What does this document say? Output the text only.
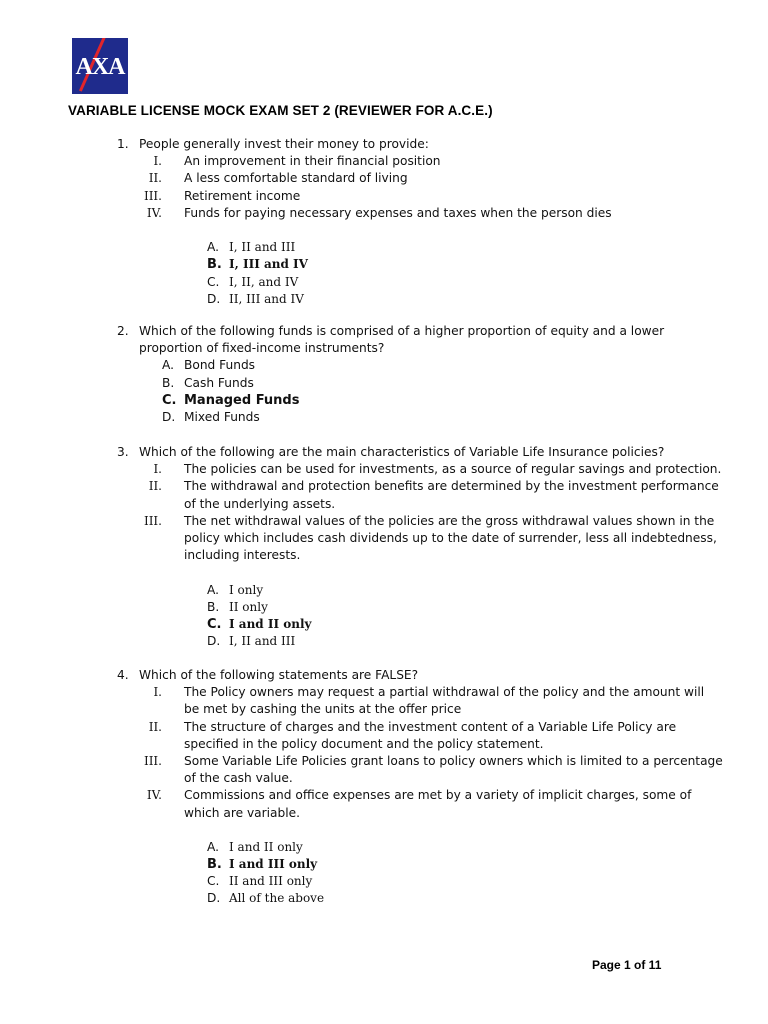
AXA
VARIABLE LICENSE MOCK EXAM SET 2 (REVIEWER FOR A.C.E.)
1. People generally invest their money to provide:
I. An improvement in their financial position
II. A less comfortable standard of living
III. Retirement income
IV. Funds for paying necessary expenses and taxes when the person dies
A. I, II and III
B. I, III and IV
C. I, II, and IV
D. II, III and IV
2. Which of the following funds is comprised of a higher proportion of equity and a lower
proportion of fixed-income instruments?
A. Bond Funds
B. Cash Funds
C. Managed Funds
D. Mixed Funds
3. Which of the following are the main characteristics of Variable Life Insurance policies?
I. The policies can be used for investments, as a source of regular savings and protection.
II. The withdrawal and protection benefits are determined by the investment performance
of the underlying assets.
III. The net withdrawal values of the policies are the gross withdrawal values shown in the
policy which includes cash dividends up to the date of surrender, less all indebtedness,
including interests.
A. I only
B. II only
C. I and II only
D. I, II and III
4. Which of the following statements are FALSE?
I. The Policy owners may request a partial withdrawal of the policy and the amount will
be met by cashing the units at the offer price
II. The structure of charges and the investment content of a Variable Life Policy are
specified in the policy document and the policy statement.
III. Some Variable Life Policies grant loans to policy owners which is limited to a percentage
of the cash value.
IV. Commissions and office expenses are met by a variety of implicit charges, some of
which are variable.
A. I and II only
B. I and III only
C. II and III only
D. All of the above
Page 1 of 11
